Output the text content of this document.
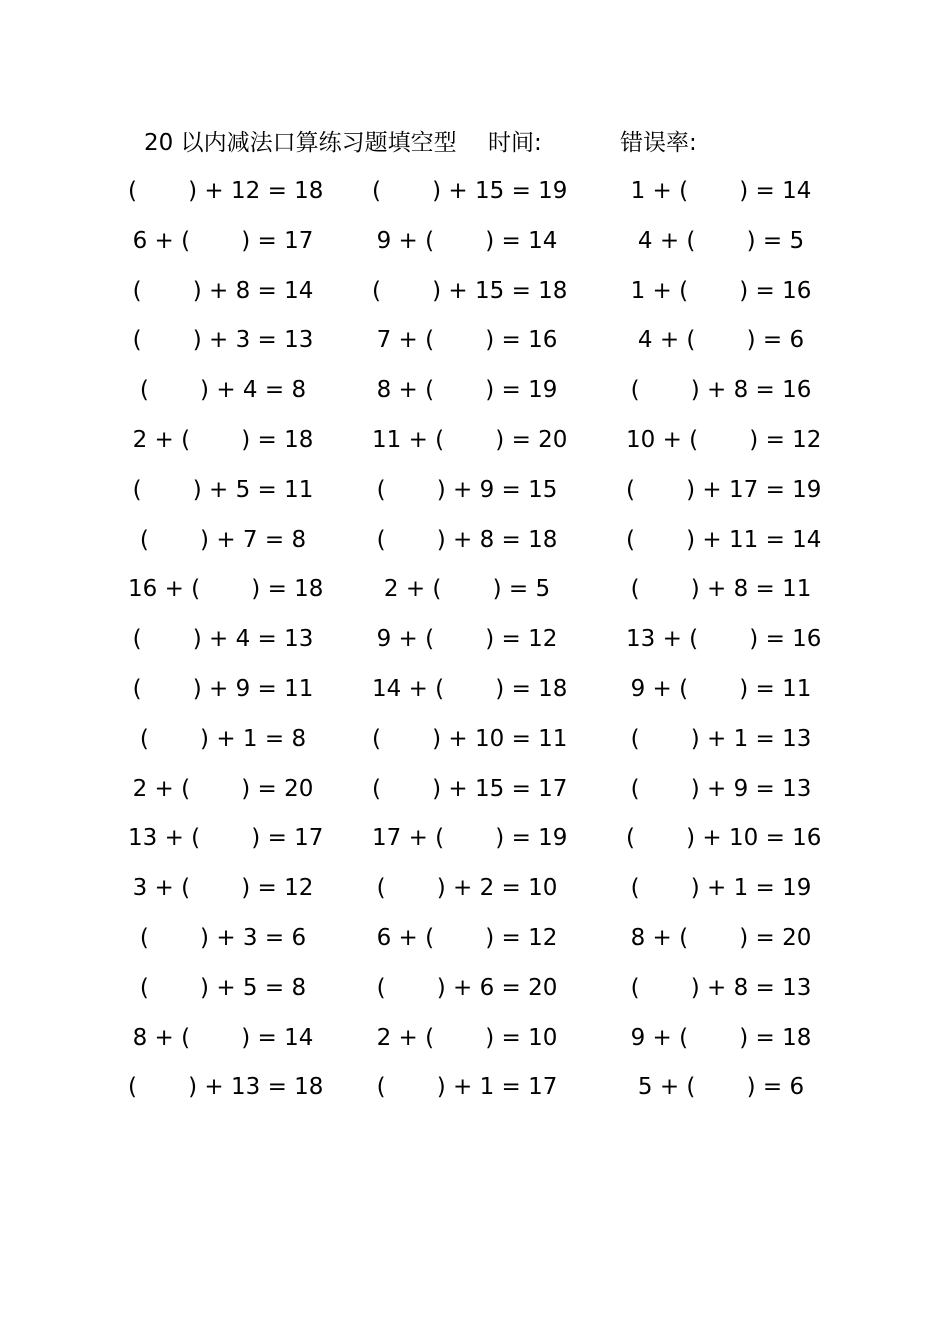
20 以内减法口算练习题填空型 时间:	错误率:
(       ) + 12 = 18 (       ) + 15 = 19	1 + (       ) = 14
6 + (       ) = 17	9 + (       ) = 14	4 + (       ) = 5
(       ) + 8 = 14	(       ) + 15 = 18	1 + (       ) = 16
(       ) + 3 = 13	7 + (       ) = 16	4 + (       ) = 6
(       ) + 4 = 8	8 + (       ) = 19	(       ) + 8 = 16
2 + (       ) = 18	11 + (       ) = 20	10 + (       ) = 12
(       ) + 5 = 11	(       ) + 9 = 15	(       ) + 17 = 19
(       ) + 7 = 8	(       ) + 8 = 18	(       ) + 11 = 14
16 + (       ) = 18	2 + (       ) = 5	(       ) + 8 = 11
(       ) + 4 = 13	9 + (       ) = 12	13 + (       ) = 16
(       ) + 9 = 11	14 + (       ) = 18	9 + (       ) = 11
(       ) + 1 = 8	(       ) + 10 = 11	(       ) + 1 = 13
2 + (       ) = 20	(       ) + 15 = 17	(       ) + 9 = 13
13 + (       ) = 17 17 + (       ) = 19	(       ) + 10 = 16
3 + (       ) = 12	(       ) + 2 = 10	(       ) + 1 = 19
(       ) + 3 = 6	6 + (       ) = 12	8 + (       ) = 20
(       ) + 5 = 8	(       ) + 6 = 20	(       ) + 8 = 13
8 + (       ) = 14	2 + (       ) = 10	9 + (       ) = 18
(       ) + 13 = 18 (       ) + 1 = 17	5 + (       ) = 6
